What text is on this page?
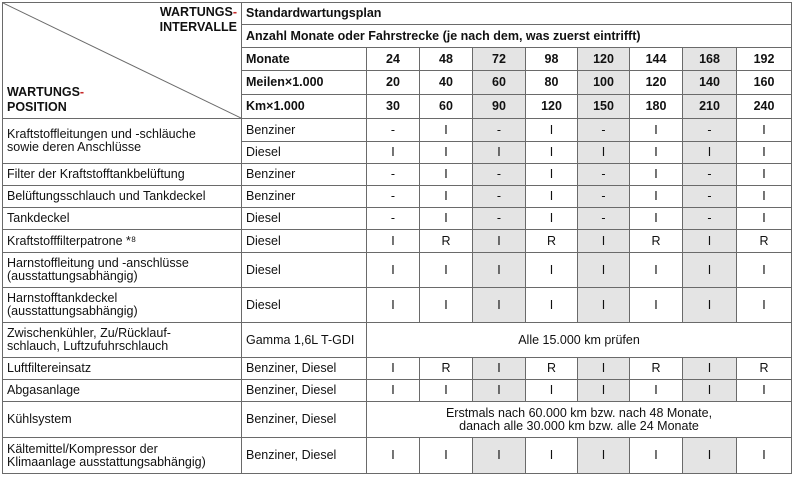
WARTUNGS-
INTERVALLE
WARTUNGS-
POSITION	Standardwartungsplan								
	Anzahl Monate oder Fahrstrecke (je nach dem, was zuerst eintrifft)								
	Monate	24	48	72	98	120	144	168	192
	Meilen×1.000	20	40	60	80	100	120	140	160
	Km×1.000	30	60	90	120	150	180	210	240
Kraftstoffleitungen und -schläuche
sowie deren Anschlüsse	Benziner	-	I	-	I	-	I	-	I
	Diesel	I	I	I	I	I	I	I	I
Filter der Kraftstofftankbelüftung	Benziner	-	I	-	I	-	I	-	I
Belüftungsschlauch und Tankdeckel	Benziner	-	I	-	I	-	I	-	I
Tankdeckel	Diesel	-	I	-	I	-	I	-	I
Kraftstofffilterpatrone *⁸	Diesel	I	R	I	R	I	R	I	R
Harnstoffleitung und -anschlüsse
(ausstattungsabhängig)	Diesel	I	I	I	I	I	I	I	I
Harnstofftankdeckel
(ausstattungsabhängig)	Diesel	I	I	I	I	I	I	I	I
Zwischenkühler, Zu/Rücklauf-
schlauch, Luftzufuhrschlauch	Gamma 1,6L T-GDI	Alle 15.000 km prüfen							
Luftfiltereinsatz	Benziner, Diesel	I	R	I	R	I	R	I	R
Abgasanlage	Benziner, Diesel	I	I	I	I	I	I	I	I
Kühlsystem	Benziner, Diesel	Erstmals nach 60.000 km bzw. nach 48 Monate,
danach alle 30.000 km bzw. alle 24 Monate							
Kältemittel/Kompressor der
Klimaanlage ausstattungsabhängig)	Benziner, Diesel	I	I	I	I	I	I	I	I
